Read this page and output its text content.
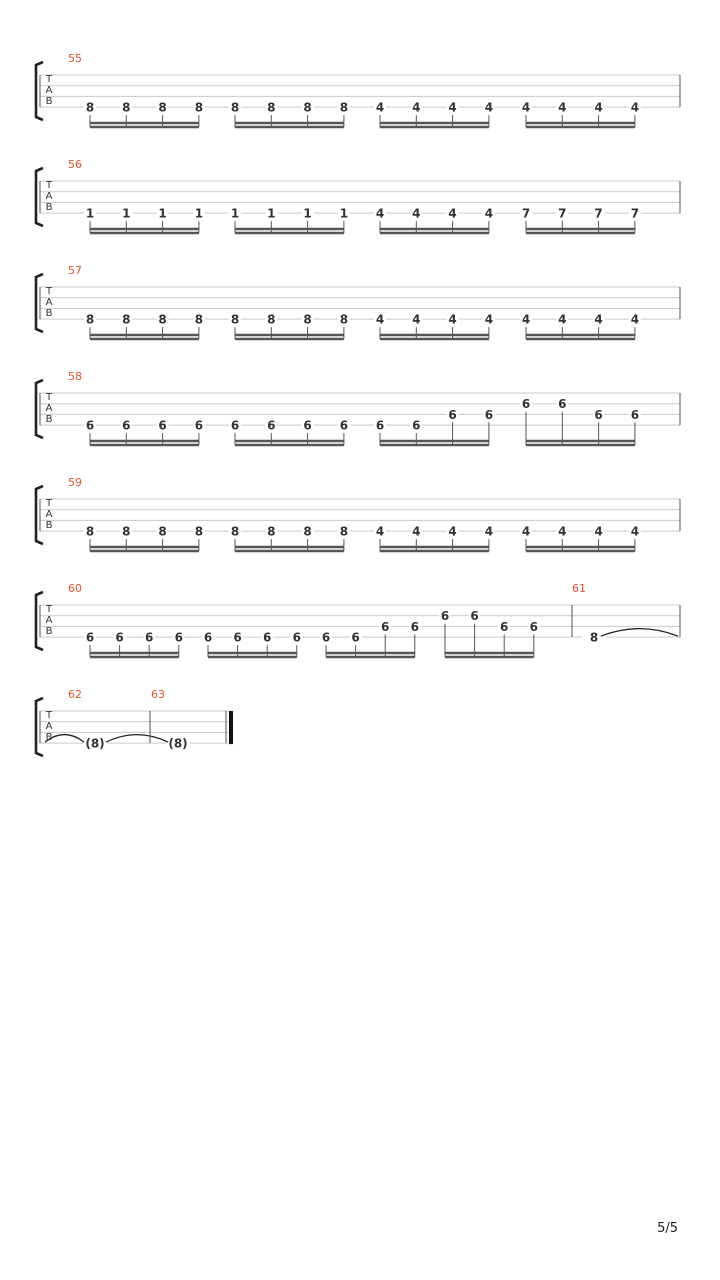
T
A
B
55
8 8 8 8 8 8 8 8 4 4 4 4 4 4 4 4
T
A
B
56
1 1 1 1 1 1 1 1 4 4 4 4 7 7 7 7
T
A
B
57
8 8 8 8 8 8 8 8 4 4 4 4 4 4 4 4
T
A
B
58
6 6 6 6 6 6 6 6 6 6
6 6
6 6
6 6
T
A
B
59
8 8 8 8 8 8 8 8 4 4 4 4 4 4 4 4
T
A
B
60
6 6 6 6 6 6 6 6 6 6
6 6
6 6
6 6
61
8
T
A
B
62
(8)
63
(8)
5/5
